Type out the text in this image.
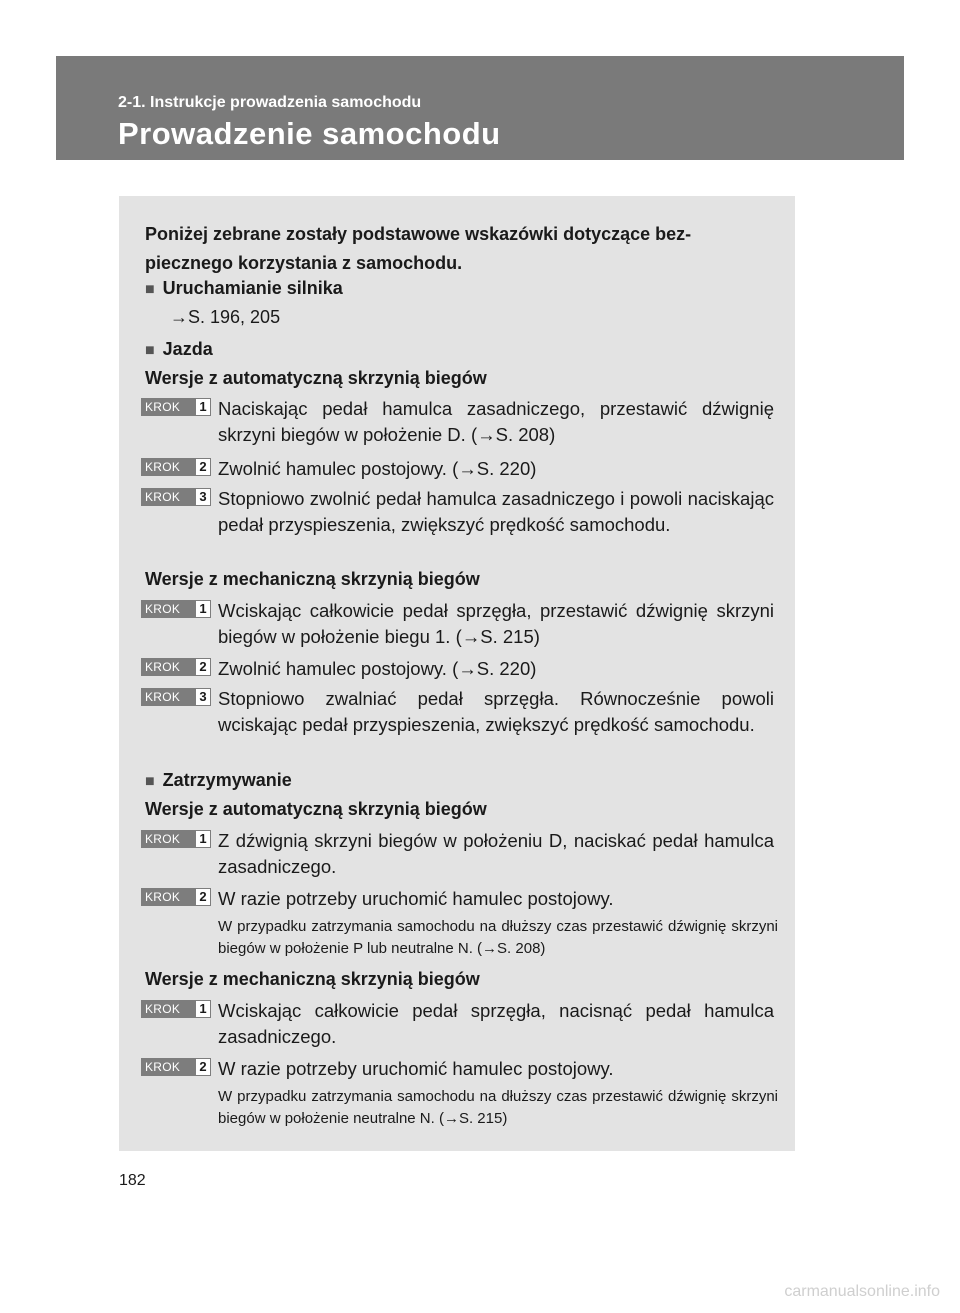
2-1. Instrukcje prowadzenia samochodu
Prowadzenie samochodu
Poniżej zebrane zostały podstawowe wskazówki dotyczące bez-
piecznego korzystania z samochodu.
■ Uruchamianie silnika
→S. 196, 205
■ Jazda
Wersje z automatyczną skrzynią biegów
KROK 1 Naciskając pedał hamulca zasadniczego, przestawić dźwignię skrzyni biegów w położenie D. (→S. 208)
KROK 2 Zwolnić hamulec postojowy. (→S. 220)
KROK 3 Stopniowo zwolnić pedał hamulca zasadniczego i powoli naciskając pedał przyspieszenia, zwiększyć prędkość samochodu.
Wersje z mechaniczną skrzynią biegów
KROK 1 Wciskając całkowicie pedał sprzęgła, przestawić dźwignię skrzyni biegów w położenie biegu 1. (→S. 215)
KROK 2 Zwolnić hamulec postojowy. (→S. 220)
KROK 3 Stopniowo zwalniać pedał sprzęgła. Równocześnie powoli wciskając pedał przyspieszenia, zwiększyć prędkość samochodu.
■ Zatrzymywanie
Wersje z automatyczną skrzynią biegów
KROK 1 Z dźwignią skrzyni biegów w położeniu D, naciskać pedał hamulca zasadniczego.
KROK 2 W razie potrzeby uruchomić hamulec postojowy.
W przypadku zatrzymania samochodu na dłuższy czas przestawić dźwignię skrzyni biegów w położenie P lub neutralne N. (→S. 208)
Wersje z mechaniczną skrzynią biegów
KROK 1 Wciskając całkowicie pedał sprzęgła, nacisnąć pedał hamulca zasadniczego.
KROK 2 W razie potrzeby uruchomić hamulec postojowy.
W przypadku zatrzymania samochodu na dłuższy czas przestawić dźwignię skrzyni biegów w położenie neutralne N. (→S. 215)
182
carmanualsonline.info
